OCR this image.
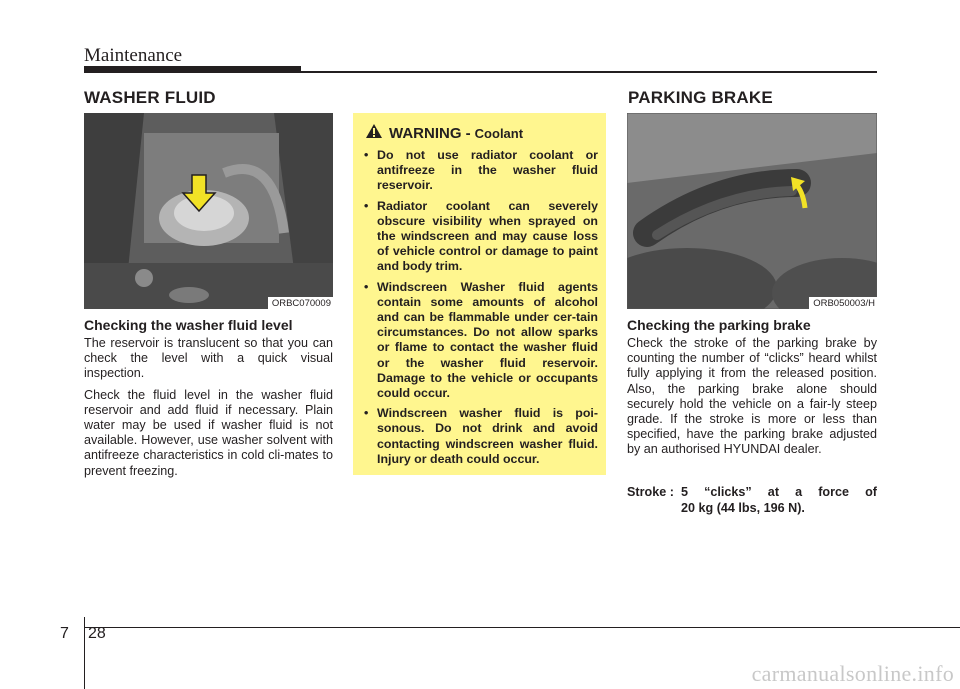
Maintenance
WASHER FLUID
ORBC070009
Checking the washer fluid level

The reservoir is translucent so that you can check the level with a quick visual inspection.

Check the fluid level in the washer fluid reservoir and add fluid if necessary. Plain water may be used if washer fluid is not available. However, use washer solvent with antifreeze characteristics in cold cli-mates to prevent freezing.

WARNING - Coolant
• Do not use radiator coolant or antifreeze in the washer fluid reservoir.
• Radiator coolant can severely obscure visibility when sprayed on the windscreen and may cause loss of vehicle control or damage to paint and body trim.
• Windscreen Washer fluid agents contain some amounts of alcohol and can be flammable under cer-tain circumstances. Do not allow sparks or flame to contact the washer fluid or the washer fluid reservoir. Damage to the vehicle or occupants could occur.
• Windscreen washer fluid is poi-sonous. Do not drink and avoid contacting windscreen washer fluid. Injury or death could occur.
PARKING BRAKE
ORB050003/H
Checking the parking brake
Check the stroke of the parking brake by counting the number of “clicks” heard whilst fully applying it from the released position. Also, the parking brake alone should securely hold the vehicle on a fair-ly steep grade. If the stroke is more or less than specified, have the parking brake adjusted by an authorised HYUNDAI dealer.
Stroke : 5 “clicks” at a force of
20 kg (44 lbs, 196 N).
7 28
carmanualsonline.info
